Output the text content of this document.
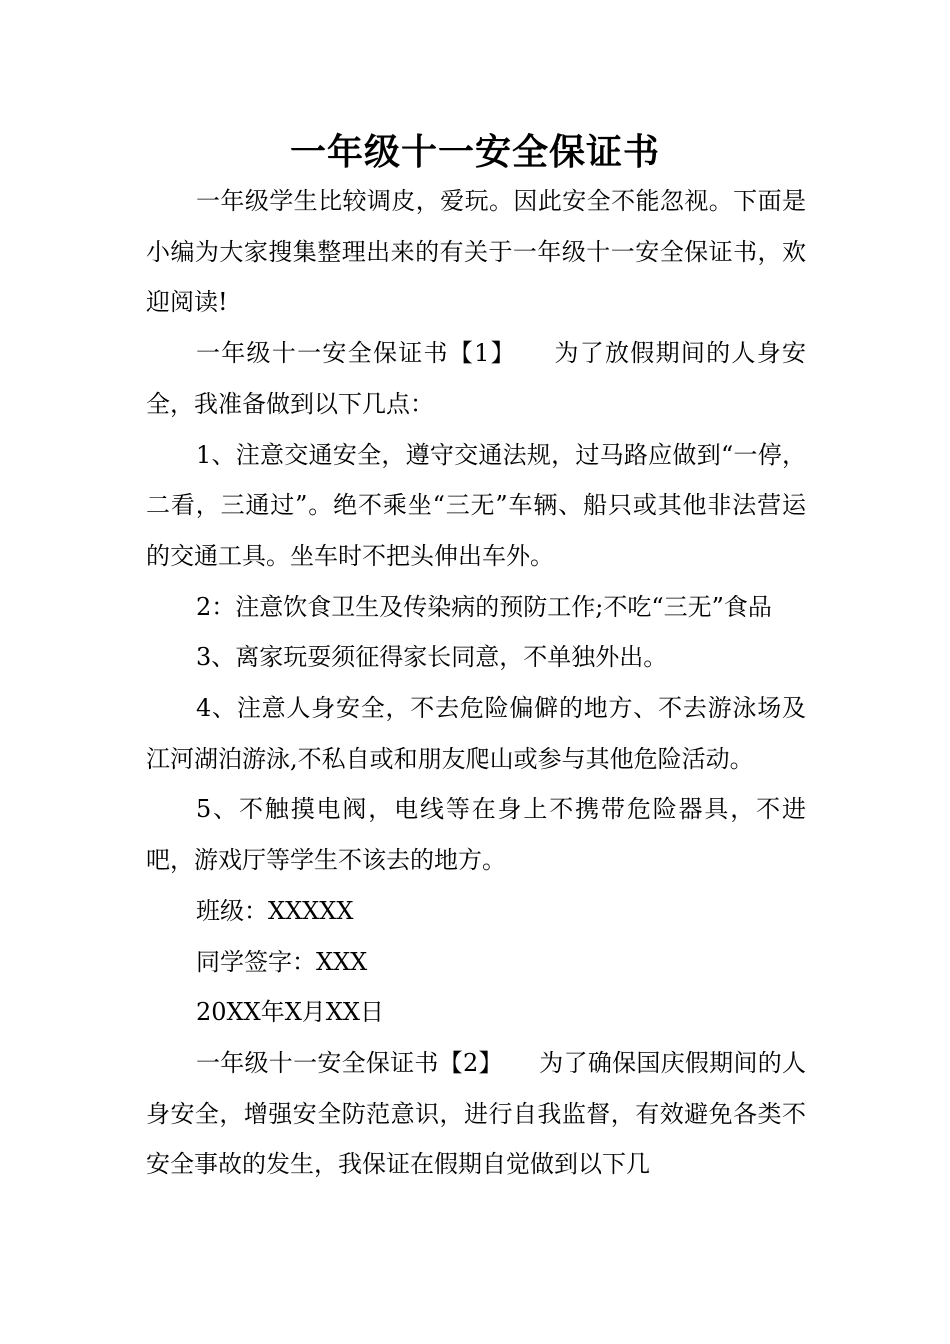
一年级十一安全保证书

一年级学生比较调皮，爱玩。因此安全不能忽视。下面是小编为大家搜集整理出来的有关于一年级十一安全保证书，欢迎阅读!

一年级十一安全保证书【1】　　为了放假期间的人身安全，我准备做到以下几点：

1、注意交通安全，遵守交通法规，过马路应做到“一停，二看，三通过”。绝不乘坐“三无”车辆、船只或其他非法营运的交通工具。坐车时不把头伸出车外。

2：注意饮食卫生及传染病的预防工作;不吃“三无”食品

3、离家玩耍须征得家长同意，不单独外出。

4、注意人身安全，不去危险偏僻的地方、不去游泳场及江河湖泊游泳,不私自或和朋友爬山或参与其他危险活动。

5、不触摸电阀，电线等在身上不携带危险器具，不进吧，游戏厅等学生不该去的地方。

班级：XXXXX

同学签字：XXX

20XX年X月XX日

一年级十一安全保证书【2】　　为了确保国庆假期间的人身安全，增强安全防范意识，进行自我监督，有效避免各类不安全事故的发生，我保证在假期自觉做到以下几
